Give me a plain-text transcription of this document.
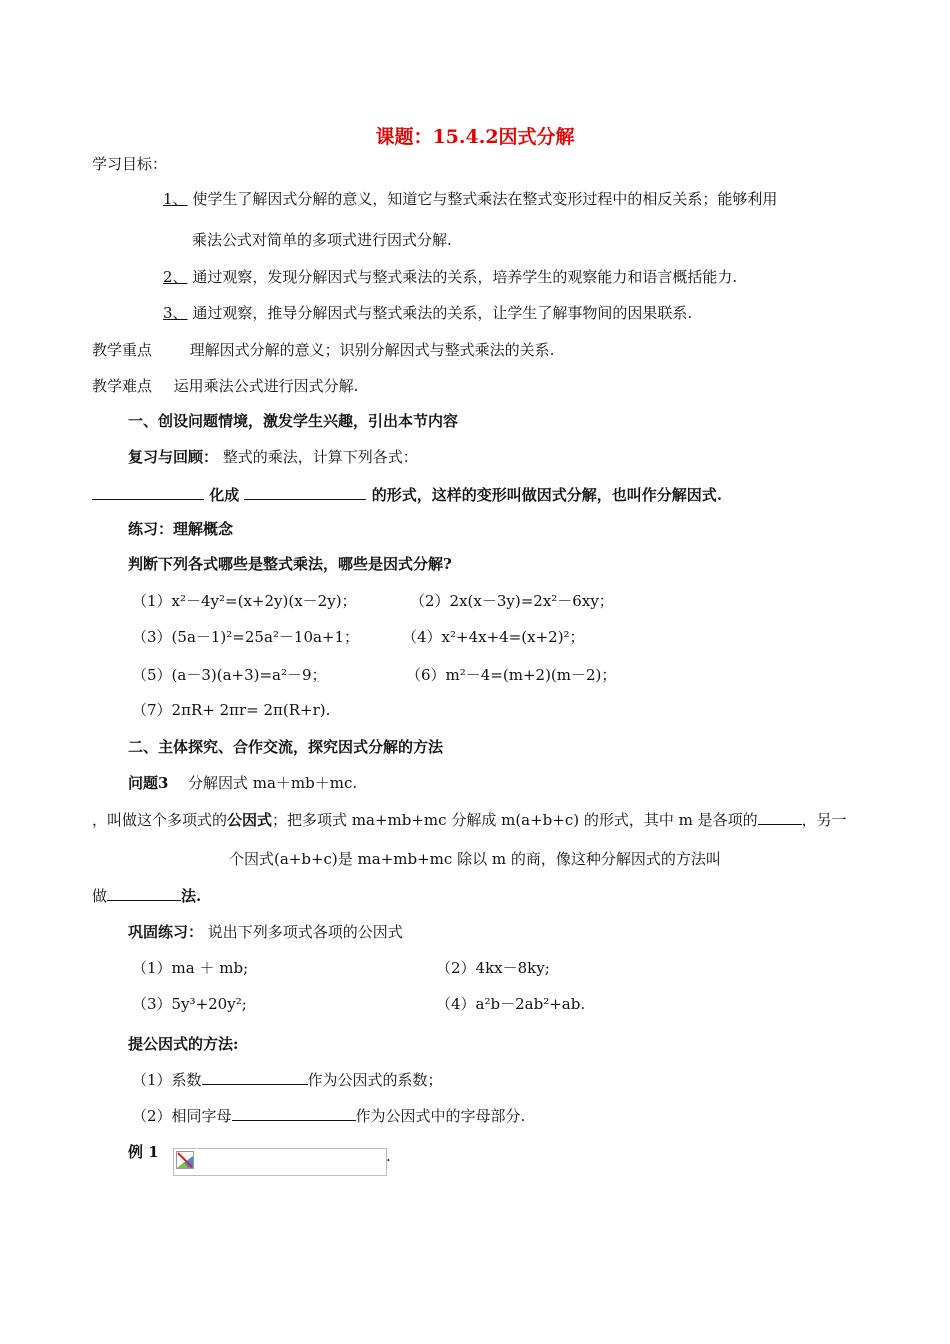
课题：15.4.2因式分解
学习目标：
1、 使学生了解因式分解的意义，知道它与整式乘法在整式变形过程中的相反关系；能够利用
乘法公式对简单的多项式进行因式分解.
2、 通过观察，发现分解因式与整式乘法的关系，培养学生的观察能力和语言概括能力.
3、 通过观察，推导分解因式与整式乘法的关系，让学生了解事物间的因果联系.
教学重点	理解因式分解的意义；识别分解因式与整式乘法的关系.
教学难点 运用乘法公式进行因式分解.
一、创设问题情境，激发学生兴趣，引出本节内容
复习与回顾： 整式的乘法，计算下列各式：
化成	的形式，这样的变形叫做因式分解，也叫作分解因式.
练习：理解概念
判断下列各式哪些是整式乘法，哪些是因式分解?
（1）x²－4y²=(x+2y)(x－2y)；	（2）2x(x－3y)=2x²－6xy；
（3）(5a－1)²=25a²－10a+1；	（4）x²+4x+4=(x+2)²；
（5）(a－3)(a+3)=a²－9；	（6）m²－4=(m+2)(m－2)；
（7）2πR+ 2πr= 2π(R+r).
二、主体探究、合作交流，探究因式分解的方法
问题3 分解因式 ma＋mb＋mc.
，叫做这个多项式的公因式；把多项式 ma+mb+mc 分解成 m(a+b+c) 的形式，其中 m 是各项的	，另一
个因式(a+b+c)是 ma+mb+mc 除以 m 的商，像这种分解因式的方法叫
做	法.
巩固练习： 说出下列多项式各项的公因式
（1）ma ＋ mb;	（2）4kx－8ky;
（3）5y³+20y²;	（4）a²b－2ab²+ab.
提公因式的方法:
（1）系数	作为公因式的系数；
（2）相同字母	作为公因式中的字母部分.
例 1	.
